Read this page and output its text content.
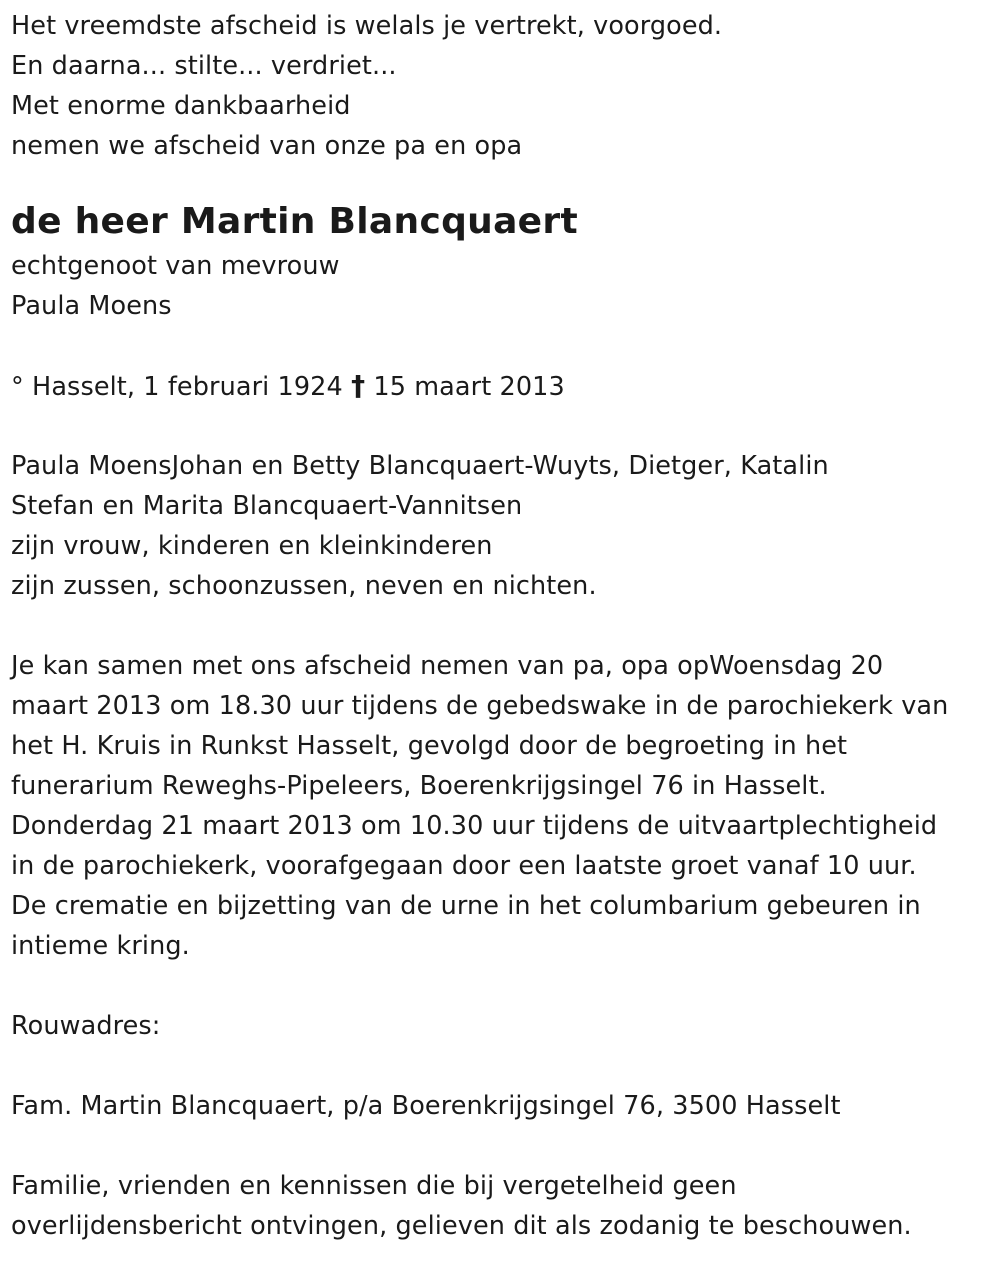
Het vreemdste afscheid is welals je vertrekt, voorgoed.
En daarna... stilte... verdriet...
Met enorme dankbaarheid
nemen we afscheid van onze pa en opa
de heer Martin Blancquaert
echtgenoot van mevrouw
Paula Moens
° Hasselt, 1 februari 1924 † 15 maart 2013
Paula MoensJohan en Betty Blancquaert-Wuyts, Dietger, Katalin
Stefan en Marita Blancquaert-Vannitsen
zijn vrouw, kinderen en kleinkinderen
zijn zussen, schoonzussen, neven en nichten.
Je kan samen met ons afscheid nemen van pa, opa opWoensdag 20
maart 2013 om 18.30 uur tijdens de gebedswake in de parochiekerk van
het H. Kruis in Runkst Hasselt, gevolgd door de begroeting in het
funerarium Reweghs-Pipeleers, Boerenkrijgsingel 76 in Hasselt.
Donderdag 21 maart 2013 om 10.30 uur tijdens de uitvaartplechtigheid
in de parochiekerk, voorafgegaan door een laatste groet vanaf 10 uur.
De crematie en bijzetting van de urne in het columbarium gebeuren in
intieme kring.
Rouwadres:
Fam. Martin Blancquaert, p/a Boerenkrijgsingel 76, 3500 Hasselt
Familie, vrienden en kennissen die bij vergetelheid geen
overlijdensbericht ontvingen, gelieven dit als zodanig te beschouwen.
